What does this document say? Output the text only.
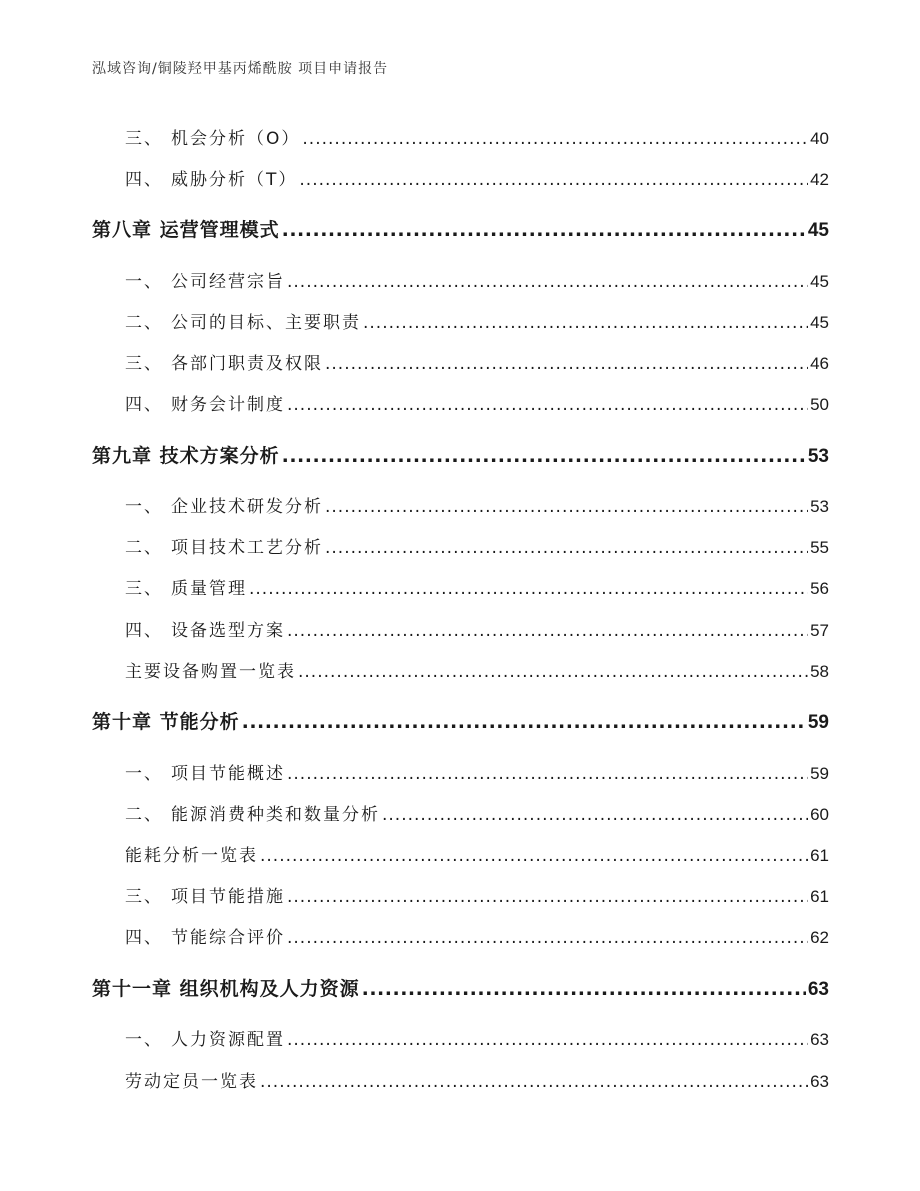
泓域咨询/铜陵羟甲基丙烯酰胺 项目申请报告
三、 机会分析（O） .....	40
四、 威胁分析（T） .....	42
第八章 运营管理模式 .....	45
一、 公司经营宗旨 .....	45
二、 公司的目标、主要职责 .....	45
三、 各部门职责及权限 .....	46
四、 财务会计制度 .....	50
第九章 技术方案分析 .....	53
一、 企业技术研发分析 .....	53
二、 项目技术工艺分析 .....	55
三、 质量管理 .....	56
四、 设备选型方案 .....	57
主要设备购置一览表 .....	58
第十章 节能分析 .....	59
一、 项目节能概述 .....	59
二、 能源消费种类和数量分析 .....	60
能耗分析一览表 .....	61
三、 项目节能措施 .....	61
四、 节能综合评价 .....	62
第十一章 组织机构及人力资源 .....	63
一、 人力资源配置 .....	63
劳动定员一览表 .....	63
